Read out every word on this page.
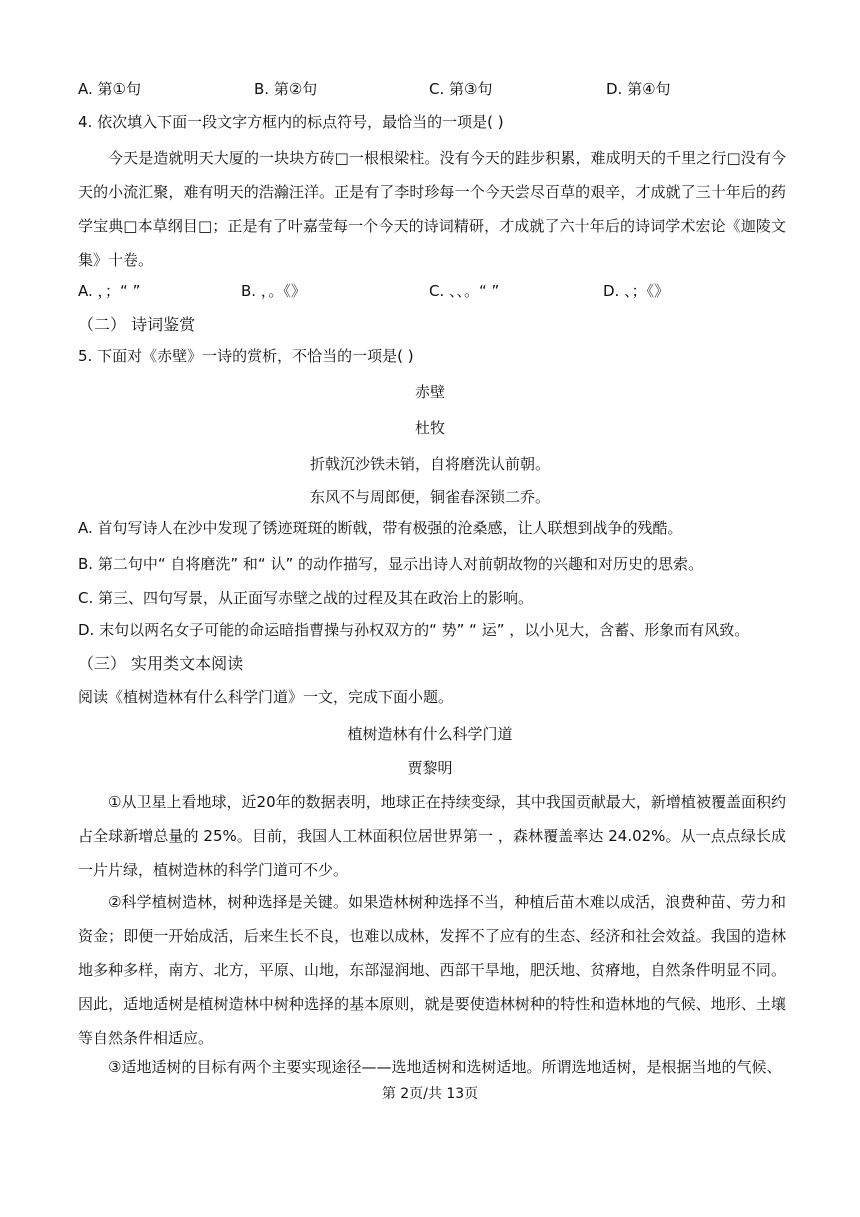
A. 第①句	B. 第②句	C. 第③句	D. 第④句
4. 依次填入下面一段文字方框内的标点符号，最恰当的一项是( )
今天是造就明天大厦的一块块方砖□一根根梁柱。没有今天的跬步积累，难成明天的千里之行□没有今天的小流汇聚，难有明天的浩瀚汪洋。正是有了李时珍每一个今天尝尽百草的艰辛，才成就了三十年后的药学宝典□本草纲目□；正是有了叶嘉莹每一个今天的诗词精研，才成就了六十年后的诗词学术宏论《迦陵文集》十卷。
A. ，；“ ”	B. ，。《》	C. 、、。“ ”	D. 、；《》
（二） 诗词鉴赏
5. 下面对《赤壁》一诗的赏析，不恰当的一项是( )
赤壁
杜牧
折戟沉沙铁未销，自将磨洗认前朝。
东风不与周郎便，铜雀春深锁二乔。
A. 首句写诗人在沙中发现了锈迹斑斑的断戟，带有极强的沧桑感，让人联想到战争的残酷。
B. 第二句中“ 自将磨洗” 和“ 认” 的动作描写，显示出诗人对前朝故物的兴趣和对历史的思索。
C. 第三、四句写景，从正面写赤壁之战的过程及其在政治上的影响。
D. 末句以两名女子可能的命运暗指曹操与孙权双方的“ 势” “ 运” ，以小见大，含蓄、形象而有风致。
（三） 实用类文本阅读
阅读《植树造林有什么科学门道》一文，完成下面小题。
植树造林有什么科学门道
贾黎明
①从卫星上看地球，近20年的数据表明，地球正在持续变绿，其中我国贡献最大，新增植被覆盖面积约占全球新增总量的 25%。目前，我国人工林面积位居世界第一 ，森林覆盖率达 24.02%。从一点点绿长成一片片绿，植树造林的科学门道可不少。
②科学植树造林，树种选择是关键。如果造林树种选择不当，种植后苗木难以成活，浪费种苗、劳力和资金；即便一开始成活，后来生长不良，也难以成林，发挥不了应有的生态、经济和社会效益。我国的造林地多种多样，南方、北方，平原、山地，东部湿润地、西部干旱地，肥沃地、贫瘠地，自然条件明显不同。因此，适地适树是植树造林中树种选择的基本原则，就是要使造林树种的特性和造林地的气候、地形、土壤等自然条件相适应。
③适地适树的目标有两个主要实现途径——选地适树和选树适地。所谓选地适树，是根据当地的气候、
第 2页/共 13页
